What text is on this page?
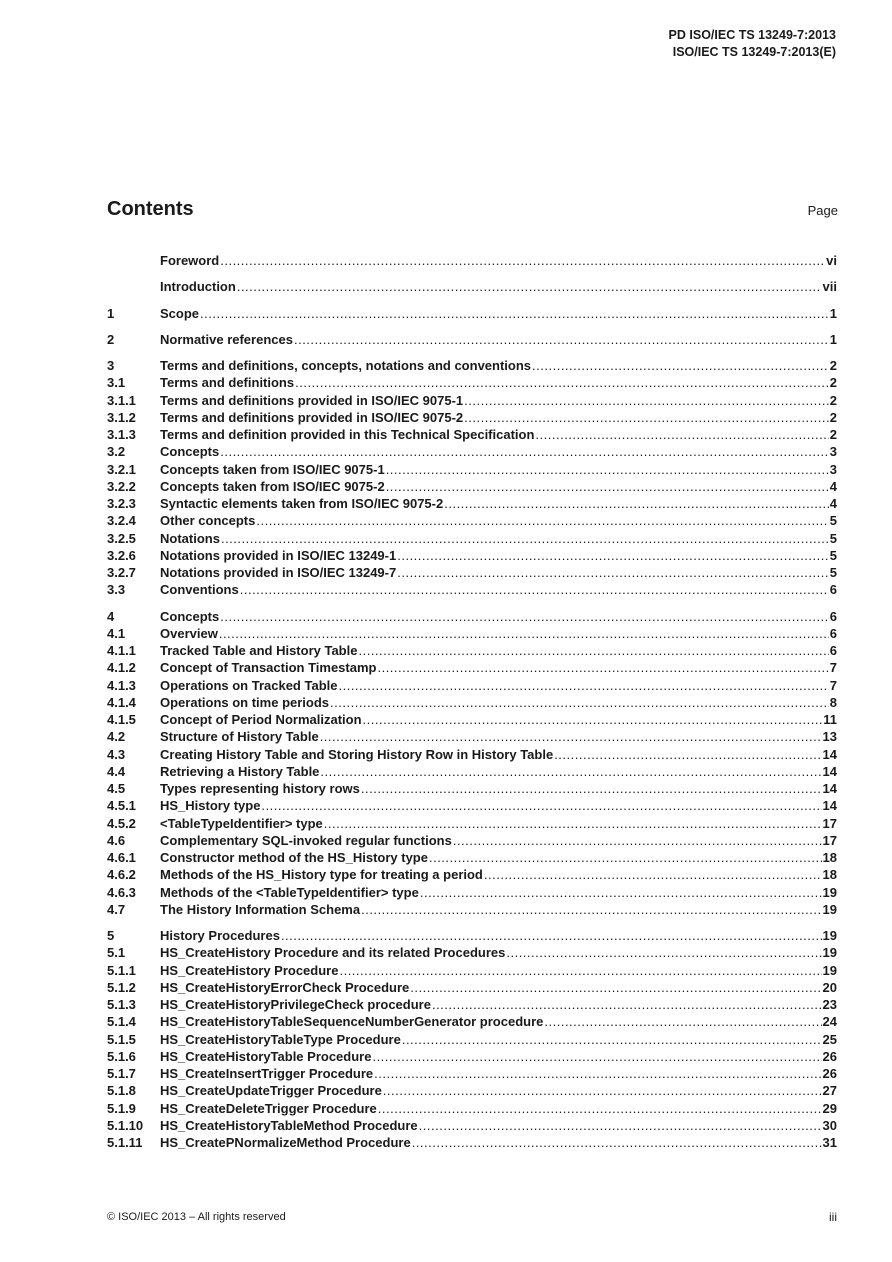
PD ISO/IEC TS 13249-7:2013
ISO/IEC TS 13249-7:2013(E)
Contents	Page
Foreword .....	vi
Introduction .....	vii
1	Scope .....	1
2	Normative references .....	1
3	Terms and definitions, concepts, notations and conventions .....	2
3.1	Terms and definitions .....	2
3.1.1	Terms and definitions provided in ISO/IEC 9075-1 .....	2
3.1.2	Terms and definitions provided in ISO/IEC 9075-2 .....	2
3.1.3	Terms and definition provided in this Technical Specification .....	2
3.2	Concepts .....	3
3.2.1	Concepts taken from ISO/IEC 9075-1 .....	3
3.2.2	Concepts taken from ISO/IEC 9075-2 .....	4
3.2.3	Syntactic elements taken from ISO/IEC 9075-2 .....	4
3.2.4	Other concepts .....	5
3.2.5	Notations .....	5
3.2.6	Notations provided in ISO/IEC 13249-1 .....	5
3.2.7	Notations provided in ISO/IEC 13249-7 .....	5
3.3	Conventions .....	6
4	Concepts .....	6
4.1	Overview .....	6
4.1.1	Tracked Table and History Table .....	6
4.1.2	Concept of Transaction Timestamp .....	7
4.1.3	Operations on Tracked Table .....	7
4.1.4	Operations on time periods .....	8
4.1.5	Concept of Period Normalization .....	11
4.2	Structure of History Table .....	13
4.3	Creating History Table and Storing History Row in History Table .....	14
4.4	Retrieving a History Table .....	14
4.5	Types representing history rows .....	14
4.5.1	HS_History type .....	14
4.5.2	<TableTypeIdentifier> type .....	17
4.6	Complementary SQL-invoked regular functions .....	17
4.6.1	Constructor method of the HS_History type .....	18
4.6.2	Methods of the HS_History type for treating a period .....	18
4.6.3	Methods of the <TableTypeIdentifier> type .....	19
4.7	The History Information Schema .....	19
5	History Procedures .....	19
5.1	HS_CreateHistory Procedure and its related Procedures .....	19
5.1.1	HS_CreateHistory Procedure .....	19
5.1.2	HS_CreateHistoryErrorCheck Procedure .....	20
5.1.3	HS_CreateHistoryPrivilegeCheck procedure .....	23
5.1.4	HS_CreateHistoryTableSequenceNumberGenerator procedure .....	24
5.1.5	HS_CreateHistoryTableType Procedure .....	25
5.1.6	HS_CreateHistoryTable Procedure .....	26
5.1.7	HS_CreateInsertTrigger Procedure .....	26
5.1.8	HS_CreateUpdateTrigger Procedure .....	27
5.1.9	HS_CreateDeleteTrigger Procedure .....	29
5.1.10	HS_CreateHistoryTableMethod Procedure .....	30
5.1.11	HS_CreatePNormalizeMethod Procedure .....	31
© ISO/IEC 2013 – All rights reserved	iii
